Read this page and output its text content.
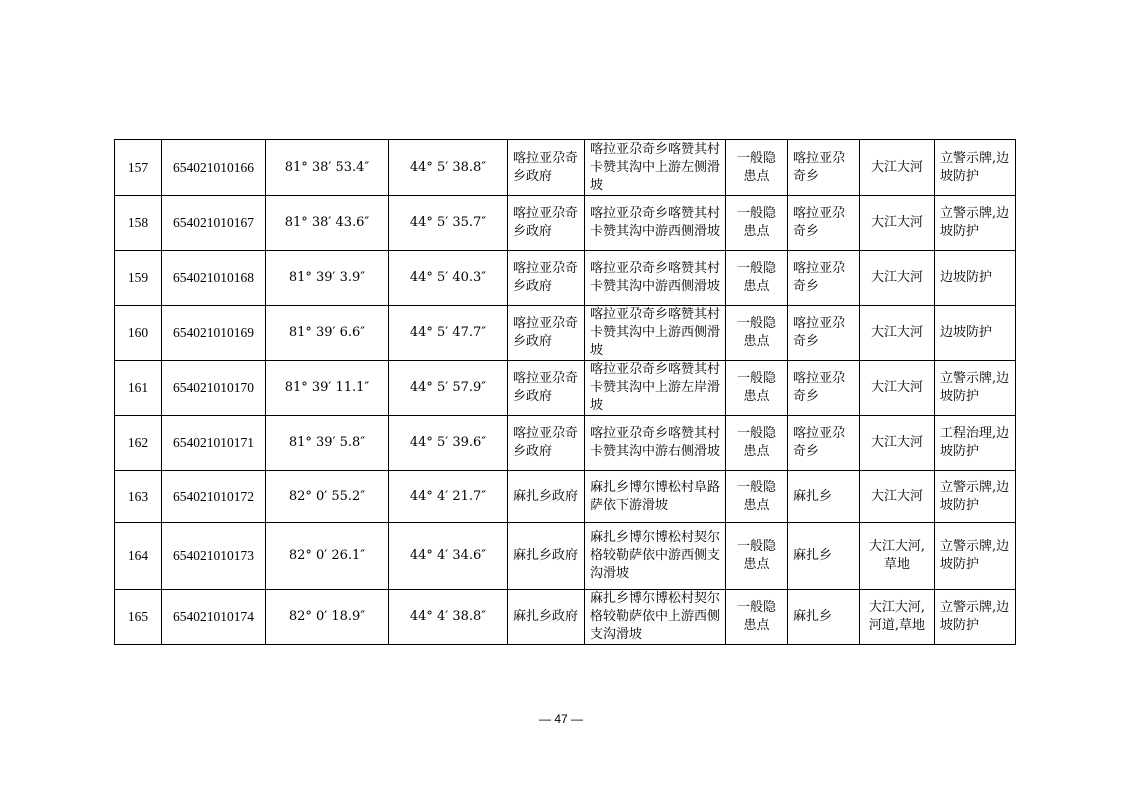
157	654021010166	81° 38′ 53.4″	44° 5′ 38.8″	喀拉亚尕奇乡政府	喀拉亚尕奇乡喀赞其村卡赞其沟中上游左侧滑坡	一般隐患点	喀拉亚尕奇乡	大江大河	立警示牌,边坡防护
158	654021010167	81° 38′ 43.6″	44° 5′ 35.7″	喀拉亚尕奇乡政府	喀拉亚尕奇乡喀赞其村卡赞其沟中游西侧滑坡	一般隐患点	喀拉亚尕奇乡	大江大河	立警示牌,边坡防护
159	654021010168	81° 39′ 3.9″	44° 5′ 40.3″	喀拉亚尕奇乡政府	喀拉亚尕奇乡喀赞其村卡赞其沟中游西侧滑坡	一般隐患点	喀拉亚尕奇乡	大江大河	边坡防护
160	654021010169	81° 39′ 6.6″	44° 5′ 47.7″	喀拉亚尕奇乡政府	喀拉亚尕奇乡喀赞其村卡赞其沟中上游西侧滑坡	一般隐患点	喀拉亚尕奇乡	大江大河	边坡防护
161	654021010170	81° 39′ 11.1″	44° 5′ 57.9″	喀拉亚尕奇乡政府	喀拉亚尕奇乡喀赞其村卡赞其沟中上游左岸滑坡	一般隐患点	喀拉亚尕奇乡	大江大河	立警示牌,边坡防护
162	654021010171	81° 39′ 5.8″	44° 5′ 39.6″	喀拉亚尕奇乡政府	喀拉亚尕奇乡喀赞其村卡赞其沟中游右侧滑坡	一般隐患点	喀拉亚尕奇乡	大江大河	工程治理,边坡防护
163	654021010172	82° 0′ 55.2″	44° 4′ 21.7″	麻扎乡政府	麻扎乡博尔博松村阜路萨依下游滑坡	一般隐患点	麻扎乡	大江大河	立警示牌,边坡防护
164	654021010173	82° 0′ 26.1″	44° 4′ 34.6″	麻扎乡政府	麻扎乡博尔博松村契尔格较勒萨依中游西侧支沟滑坡	一般隐患点	麻扎乡	大江大河,草地	立警示牌,边坡防护
165	654021010174	82° 0′ 18.9″	44° 4′ 38.8″	麻扎乡政府	麻扎乡博尔博松村契尔格较勒萨依中上游西侧支沟滑坡	一般隐患点	麻扎乡	大江大河,河道,草地	立警示牌,边坡防护
— 47 —
